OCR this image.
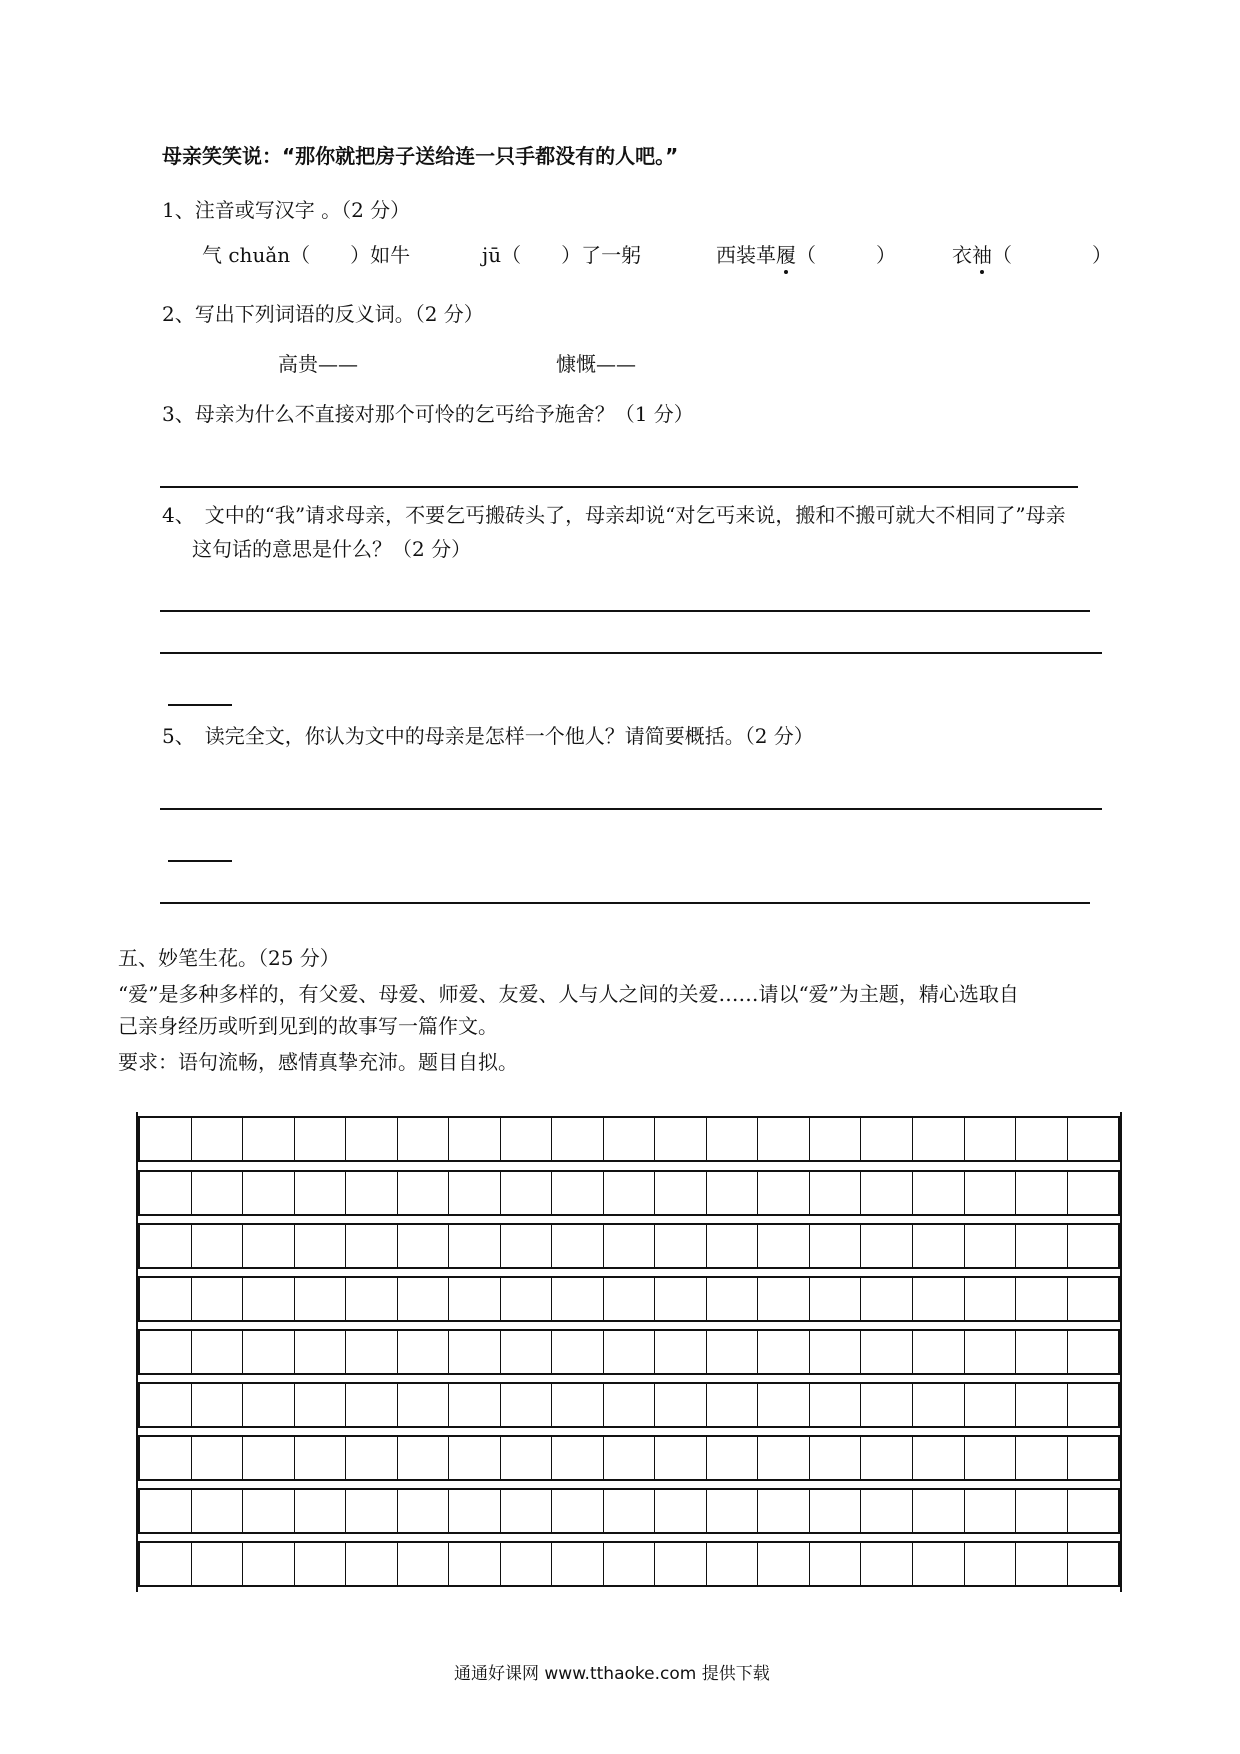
母亲笑笑说：“那你就把房子送给连一只手都没有的人吧。”
1、注音或写汉字 。（2 分）
气 chuǎn（　　）如牛	jū（　　）了一躬	西装革履（　　　）	衣袖（　　　　）
2、写出下列词语的反义词。（2 分）
高贵——	慷慨——
3、母亲为什么不直接对那个可怜的乞丐给予施舍？（1 分）
4、　文中的“我”请求母亲，不要乞丐搬砖头了，母亲却说“对乞丐来说，搬和不搬可就大不相同了”母亲
这句话的意思是什么？（2 分）
5、　读完全文，你认为文中的母亲是怎样一个他人？请简要概括。（2 分）
五、妙笔生花。（25 分）
“爱”是多种多样的，有父爱、母爱、师爱、友爱、人与人之间的关爱……请以“爱”为主题，精心选取自
己亲身经历或听到见到的故事写一篇作文。
要求：语句流畅，感情真挚充沛。题目自拟。
通通好课网 www.tthaoke.com 提供下载
